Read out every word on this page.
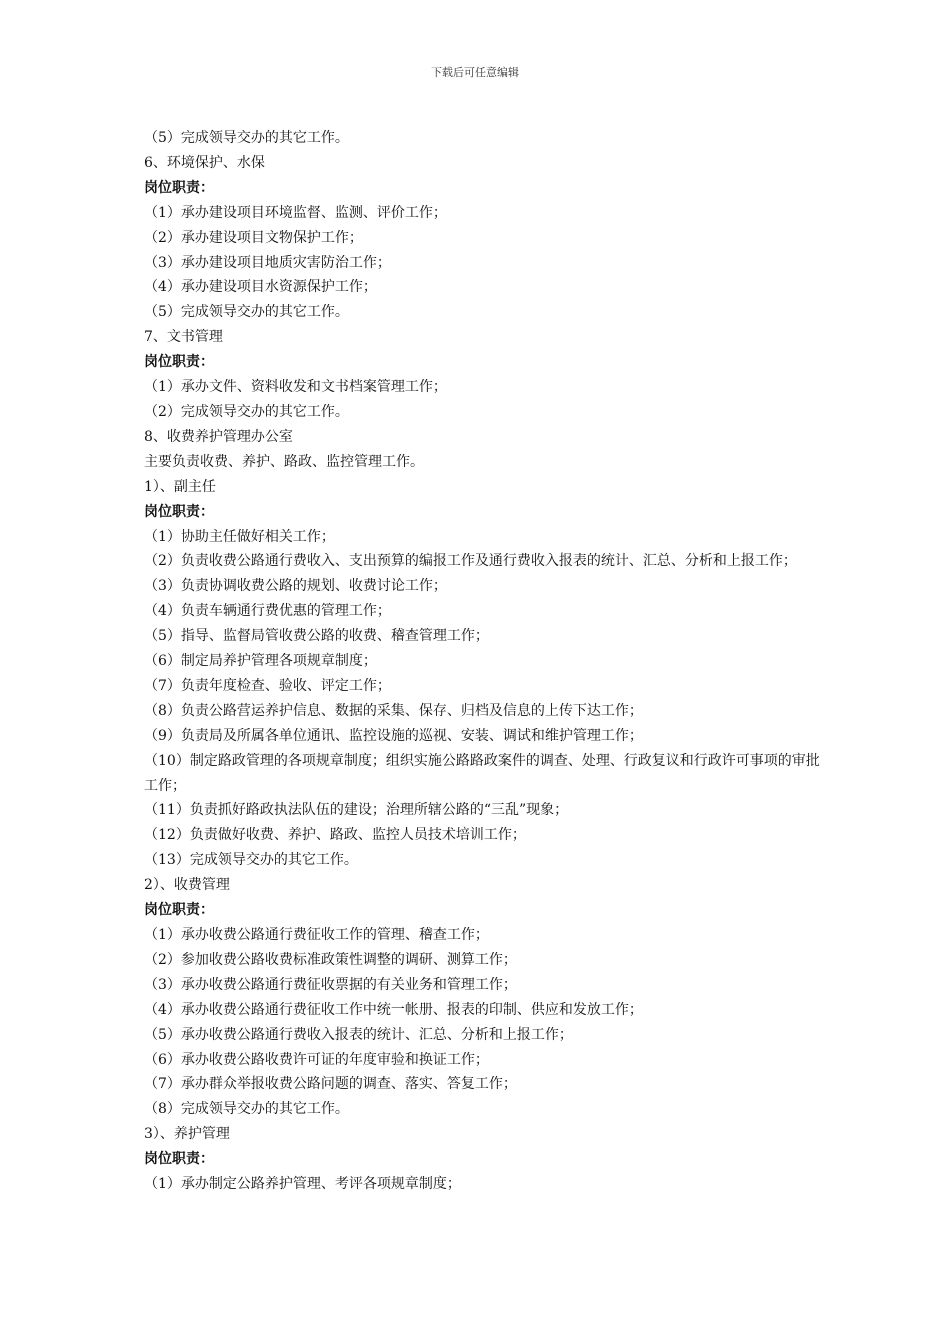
下载后可任意编辑
（5）完成领导交办的其它工作。
6、环境保护、水保
岗位职责：
（1）承办建设项目环境监督、监测、评价工作；
（2）承办建设项目文物保护工作；
（3）承办建设项目地质灾害防治工作；
（4）承办建设项目水资源保护工作；
（5）完成领导交办的其它工作。
7、文书管理
岗位职责：
（1）承办文件、资料收发和文书档案管理工作；
（2）完成领导交办的其它工作。
8、收费养护管理办公室
主要负责收费、养护、路政、监控管理工作。
1）、副主任
岗位职责：
（1）协助主任做好相关工作；
（2）负责收费公路通行费收入、支出预算的编报工作及通行费收入报表的统计、汇总、分析和上报工作；
（3）负责协调收费公路的规划、收费讨论工作；
（4）负责车辆通行费优惠的管理工作；
（5）指导、监督局管收费公路的收费、稽查管理工作；
（6）制定局养护管理各项规章制度；
（7）负责年度检查、验收、评定工作；
（8）负责公路营运养护信息、数据的采集、保存、归档及信息的上传下达工作；
（9）负责局及所属各单位通讯、监控设施的巡视、安装、调试和维护管理工作；
（10）制定路政管理的各项规章制度；组织实施公路路政案件的调查、处理、行政复议和行政许可事项的审批工作；
（11）负责抓好路政执法队伍的建设；治理所辖公路的“三乱”现象；
（12）负责做好收费、养护、路政、监控人员技术培训工作；
（13）完成领导交办的其它工作。
2）、收费管理
岗位职责：
（1）承办收费公路通行费征收工作的管理、稽查工作；
（2）参加收费公路收费标准政策性调整的调研、测算工作；
（3）承办收费公路通行费征收票据的有关业务和管理工作；
（4）承办收费公路通行费征收工作中统一帐册、报表的印制、供应和发放工作；
（5）承办收费公路通行费收入报表的统计、汇总、分析和上报工作；
（6）承办收费公路收费许可证的年度审验和换证工作；
（7）承办群众举报收费公路问题的调查、落实、答复工作；
（8）完成领导交办的其它工作。
3）、养护管理
岗位职责：
（1）承办制定公路养护管理、考评各项规章制度；
